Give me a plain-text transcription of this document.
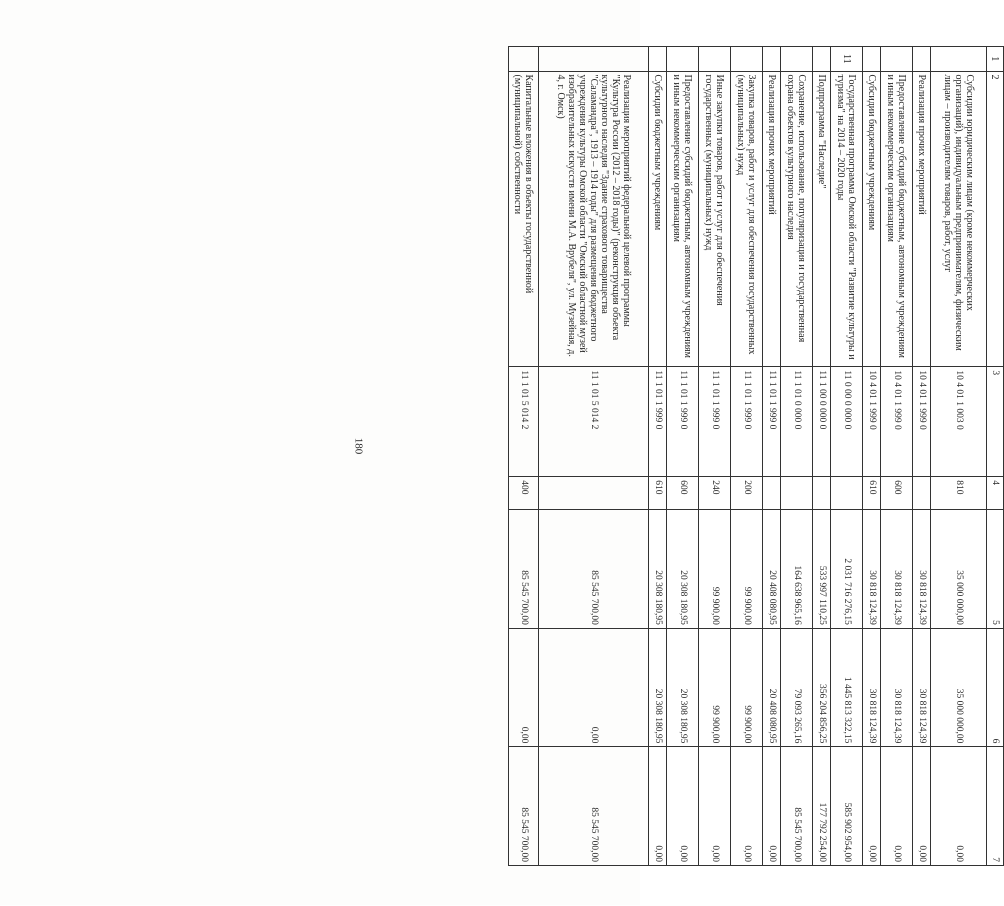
180
1	2	3	4	5	6	7
	Субсидии юридическим лицам (кроме некоммерческих организаций), индивидуальным предпринимателям, физическим лицам – производителям товаров, работ, услуг	10 4 01 1 003 0	810	35 000 000,00	35 000 000,00	0,00
	Реализация прочих мероприятий	10 4 01 1 999 0		30 818 124,39	30 818 124,39	0,00
	Предоставление субсидий бюджетным, автономным учреждениям и иным некоммерческим организациям	10 4 01 1 999 0	600	30 818 124,39	30 818 124,39	0,00
	Субсидии бюджетным учреждениям	10 4 01 1 999 0	610	30 818 124,39	30 818 124,39	0,00
11	Государственная программа Омской области "Развитие культуры и туризма" на 2014 – 2020 годы	11 0 00 0 000 0		2 031 716 276,15	1 445 813 322,15	585 902 954,00
	Подпрограмма "Наследие"	11 1 00 0 000 0		533 997 110,25	356 204 856,25	177 792 254,00
	Сохранение, использование, популяризация и государственная охрана объектов культурного наследия	11 1 01 0 000 0		164 638 965,16	79 093 265,16	85 545 700,00
	Реализация прочих мероприятий	11 1 01 1 999 0		20 408 080,95	20 408 080,95	0,00
	Закупка товаров, работ и услуг для обеспечения государственных (муниципальных) нужд	11 1 01 1 999 0	200	99 900,00	99 900,00	0,00
	Иные закупки товаров, работ и услуг для обеспечения государственных (муниципальных) нужд	11 1 01 1 999 0	240	99 900,00	99 900,00	0,00
	Предоставление субсидий бюджетным, автономным учреждениям и иным некоммерческим организациям	11 1 01 1 999 0	600	20 308 180,95	20 308 180,95	0,00
	Субсидии бюджетным учреждениям	11 1 01 1 999 0	610	20 308 180,95	20 308 180,95	0,00
	Реализация мероприятий федеральной целевой программы "Культура России (2012 – 2018 годы)" (реконструкция объекта культурного наследия "Здание страхового товарищества "Саламандра", 1913 – 1914 годы" для размещения бюджетного учреждения культуры Омской области "Омский областной музей изобразительных искусств имени М.А. Врубеля", ул. Музейная, д. 4, г. Омск)	11 1 01 5 014 2		85 545 700,00	0,00	85 545 700,00
	Капитальные вложения в объекты государственной (муниципальной) собственности	11 1 01 5 014 2	400	85 545 700,00	0,00	85 545 700,00
